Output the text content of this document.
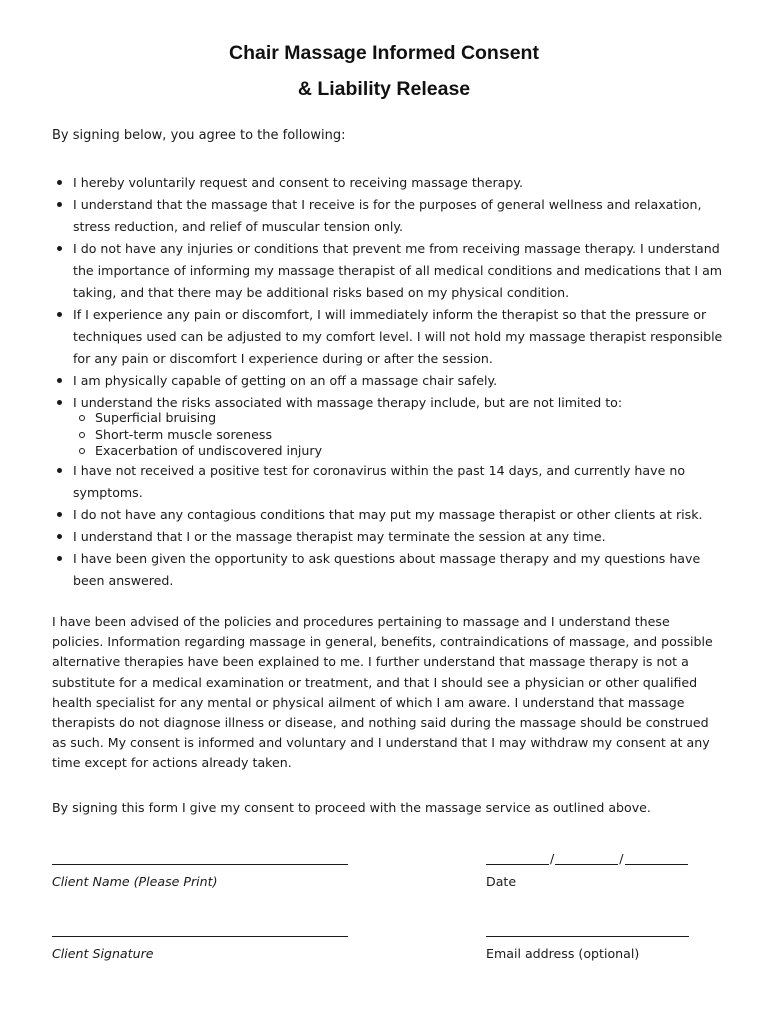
Chair Massage Informed Consent
& Liability Release

By signing below, you agree to the following:

I hereby voluntarily request and consent to receiving massage therapy.
I understand that the massage that I receive is for the purposes of general wellness and relaxation, stress reduction, and relief of muscular tension only.
I do not have any injuries or conditions that prevent me from receiving massage therapy. I understand the importance of informing my massage therapist of all medical conditions and medications that I am taking, and that there may be additional risks based on my physical condition.
If I experience any pain or discomfort, I will immediately inform the therapist so that the pressure or techniques used can be adjusted to my comfort level. I will not hold my massage therapist responsible for any pain or discomfort I experience during or after the session.
I am physically capable of getting on an off a massage chair safely.
I understand the risks associated with massage therapy include, but are not limited to:
Superficial bruising
Short-term muscle soreness
Exacerbation of undiscovered injury
I have not received a positive test for coronavirus within the past 14 days, and currently have no symptoms.
I do not have any contagious conditions that may put my massage therapist or other clients at risk.
I understand that I or the massage therapist may terminate the session at any time.
I have been given the opportunity to ask questions about massage therapy and my questions have been answered.

I have been advised of the policies and procedures pertaining to massage and I understand these policies. Information regarding massage in general, benefits, contraindications of massage, and possible alternative therapies have been explained to me. I further understand that massage therapy is not a substitute for a medical examination or treatment, and that I should see a physician or other qualified health specialist for any mental or physical ailment of which I am aware. I understand that massage therapists do not diagnose illness or disease, and nothing said during the massage should be construed as such. My consent is informed and voluntary and I understand that I may withdraw my consent at any time except for actions already taken.

By signing this form I give my consent to proceed with the massage service as outlined above.

/	/

Client Name (Please Print)	Date

Client Signature	Email address (optional)
